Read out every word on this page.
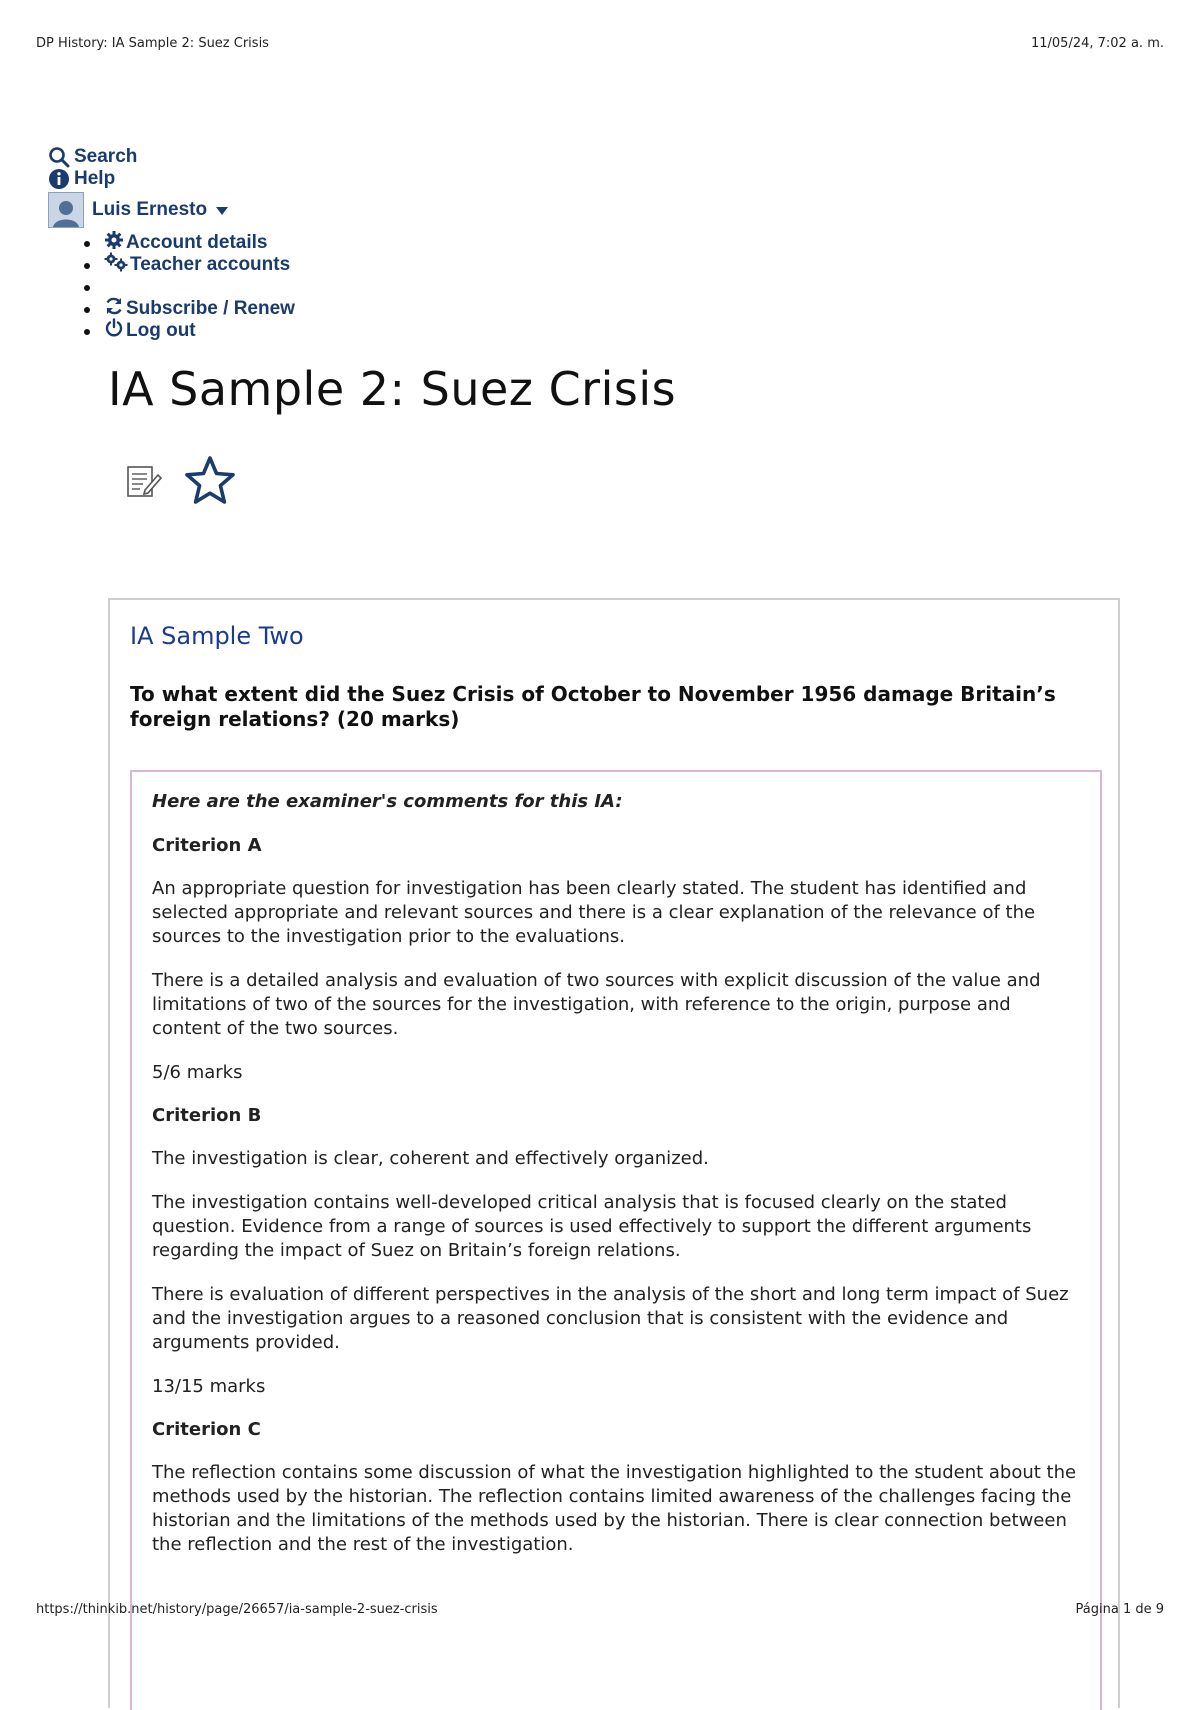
DP History: IA Sample 2: Suez Crisis	11/05/24, 7:02 a. m.
Search
Help
Luis Ernesto
Account details
Teacher accounts
Subscribe / Renew
Log out
IA Sample 2: Suez Crisis
IA Sample Two

To what extent did the Suez Crisis of October to November 1956 damage Britain’s foreign relations? (20 marks)

Here are the examiner's comments for this IA:

Criterion A

An appropriate question for investigation has been clearly stated. The student has identified and selected appropriate and relevant sources and there is a clear explanation of the relevance of the sources to the investigation prior to the evaluations.

There is a detailed analysis and evaluation of two sources with explicit discussion of the value and limitations of two of the sources for the investigation, with reference to the origin, purpose and content of the two sources.

5/6 marks

Criterion B

The investigation is clear, coherent and effectively organized.

The investigation contains well-developed critical analysis that is focused clearly on the stated question. Evidence from a range of sources is used effectively to support the different arguments regarding the impact of Suez on Britain’s foreign relations.

There is evaluation of different perspectives in the analysis of the short and long term impact of Suez and the investigation argues to a reasoned conclusion that is consistent with the evidence and arguments provided.

13/15 marks

Criterion C

The reflection contains some discussion of what the investigation highlighted to the student about the methods used by the historian. The reflection contains limited awareness of the challenges facing the historian and the limitations of the methods used by the historian. There is clear connection between the reflection and the rest of the investigation.

https://thinkib.net/history/page/26657/ia-sample-2-suez-crisis	Página 1 de 9
